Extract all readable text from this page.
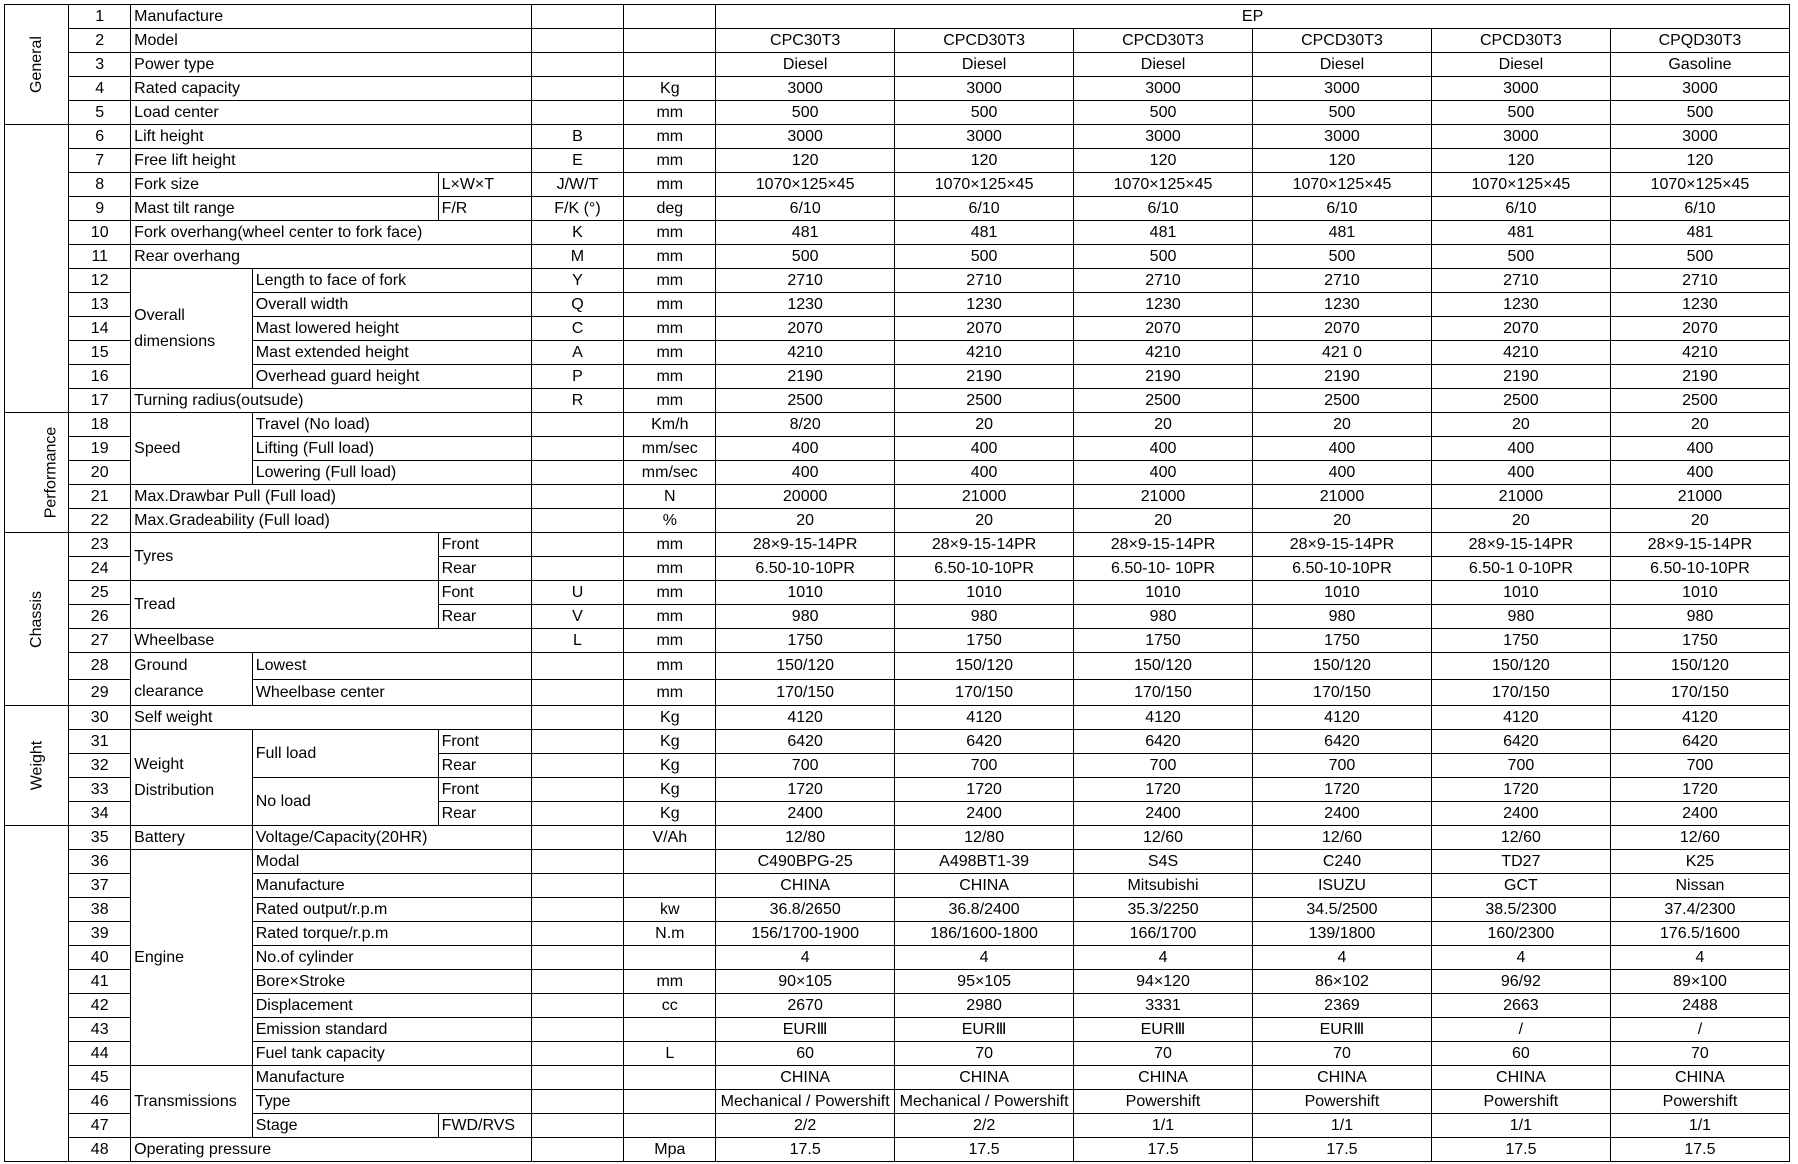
General	1	Manufacture					EP					
	2	Model					CPC30T3	CPCD30T3	CPCD30T3	CPCD30T3	CPCD30T3	CPQD30T3
	3	Power type					Diesel	Diesel	Diesel	Diesel	Diesel	Gasoline
	4	Rated capacity				Kg	3000	3000	3000	3000	3000	3000
	5	Load center				mm	500	500	500	500	500	500
	6	Lift height			B	mm	3000	3000	3000	3000	3000	3000
	7	Free lift height			E	mm	120	120	120	120	120	120
	8	Fork size		L×W×T	J/W/T	mm	1070×125×45	1070×125×45	1070×125×45	1070×125×45	1070×125×45	1070×125×45
	9	Mast tilt range		F/R	F/K (°)	deg	6/10	6/10	6/10	6/10	6/10	6/10
	10	Fork overhang(wheel center to fork face)			K	mm	481	481	481	481	481	481
	11	Rear overhang			M	mm	500	500	500	500	500	500
	12	Overall dimensions	Length to face of fork		Y	mm	2710	2710	2710	2710	2710	2710
	13		Overall width		Q	mm	1230	1230	1230	1230	1230	1230
	14		Mast lowered height		C	mm	2070	2070	2070	2070	2070	2070
	15		Mast extended height		A	mm	4210	4210	4210	421 0	4210	4210
	16		Overhead guard height		P	mm	2190	2190	2190	2190	2190	2190
	17	Turning radius(outsude)			R	mm	2500	2500	2500	2500	2500	2500
Performance	18	Speed	Travel (No load)			Km/h	8/20	20	20	20	20	20
	19		Lifting (Full load)			mm/sec	400	400	400	400	400	400
	20		Lowering (Full load)			mm/sec	400	400	400	400	400	400
	21	Max.Drawbar Pull (Full load)				N	20000	21000	21000	21000	21000	21000
	22	Max.Gradeability (Full load)				%	20	20	20	20	20	20
Chassis	23	Tyres		Front		mm	28×9-15-14PR	28×9-15-14PR	28×9-15-14PR	28×9-15-14PR	28×9-15-14PR	28×9-15-14PR
	24			Rear		mm	6.50-10-10PR	6.50-10-10PR	6.50-10- 10PR	6.50-10-10PR	6.50-1 0-10PR	6.50-10-10PR
	25	Tread		Font	U	mm	1010	1010	1010	1010	1010	1010
	26			Rear	V	mm	980	980	980	980	980	980
	27	Wheelbase			L	mm	1750	1750	1750	1750	1750	1750
	28	Ground clearance	Lowest			mm	150/120	150/120	150/120	150/120	150/120	150/120
	29		Wheelbase center			mm	170/150	170/150	170/150	170/150	170/150	170/150
Weight	30	Self weight				Kg	4120	4120	4120	4120	4120	4120
	31	Weight Distribution	Full load	Front		Kg	6420	6420	6420	6420	6420	6420
	32			Rear		Kg	700	700	700	700	700	700
	33		No load	Front		Kg	1720	1720	1720	1720	1720	1720
	34			Rear		Kg	2400	2400	2400	2400	2400	2400
	35	Battery	Voltage/Capacity(20HR)			V/Ah	12/80	12/80	12/60	12/60	12/60	12/60
	36	Engine	Modal				C490BPG-25	A498BT1-39	S4S	C240	TD27	K25
	37		Manufacture				CHINA	CHINA	Mitsubishi	ISUZU	GCT	Nissan
	38		Rated output/r.p.m			kw	36.8/2650	36.8/2400	35.3/2250	34.5/2500	38.5/2300	37.4/2300
	39		Rated torque/r.p.m			N.m	156/1700-1900	186/1600-1800	166/1700	139/1800	160/2300	176.5/1600
	40		No.of cylinder				4	4	4	4	4	4
	41		Bore×Stroke			mm	90×105	95×105	94×120	86×102	96/92	89×100
	42		Displacement			cc	2670	2980	3331	2369	2663	2488
	43		Emission standard				EURⅢ	EURⅢ	EURⅢ	EURⅢ	/	/
	44		Fuel tank capacity			L	60	70	70	70	60	70
	45	Transmissions	Manufacture				CHINA	CHINA	CHINA	CHINA	CHINA	CHINA
	46		Type				Mechanical / Powershift	Mechanical / Powershift	Powershift	Powershift	Powershift	Powershift
	47		Stage	FWD/RVS			2/2	2/2	1/1	1/1	1/1	1/1
	48	Operating pressure				Mpa	17.5	17.5	17.5	17.5	17.5	17.5
